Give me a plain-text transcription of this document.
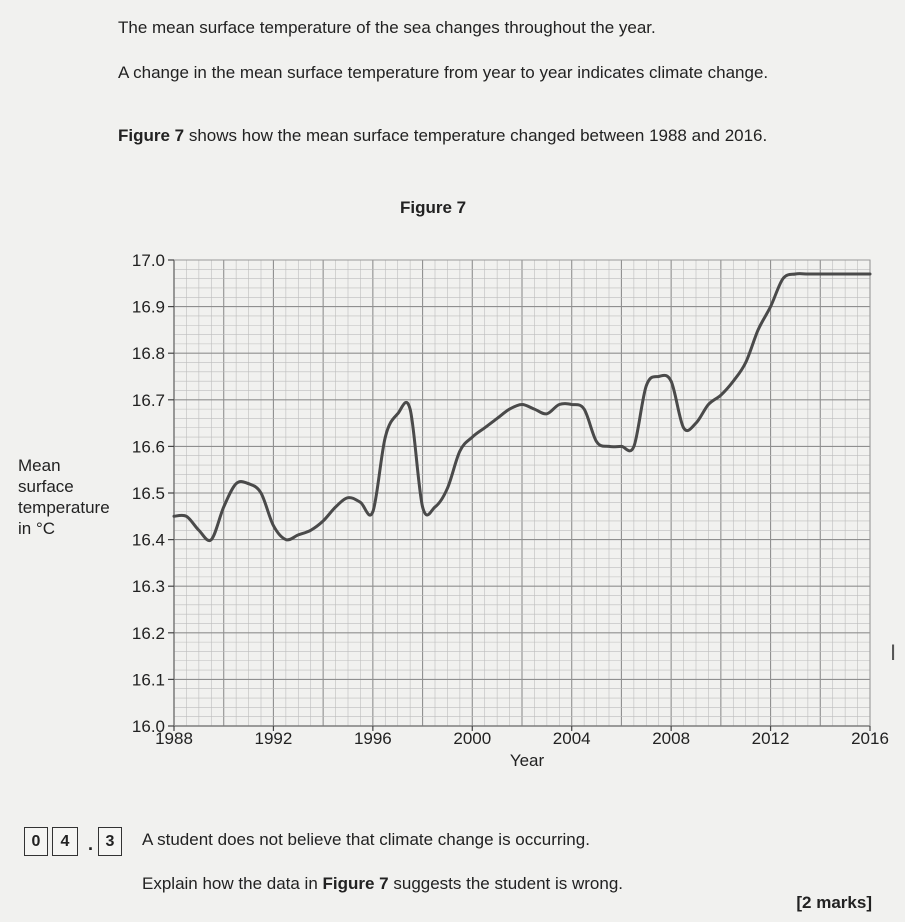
The mean surface temperature of the sea changes throughout the year.

A change in the mean surface temperature from year to year indicates climate change.

Figure 7 shows how the mean surface temperature changed between 1988 and 2016.

Figure 7
Mean
surface
temperature
in °C
16.0
16.1
16.2
16.3
16.4
16.5
16.6
16.7
16.8
16.9
17.0
1988	1992	1996	2000	2004	2008	2012	2016
Year
0	4	. 3	A student does not believe that climate change is occurring.
Explain how the data in Figure 7 suggests the student is wrong.
[2 marks]
I
